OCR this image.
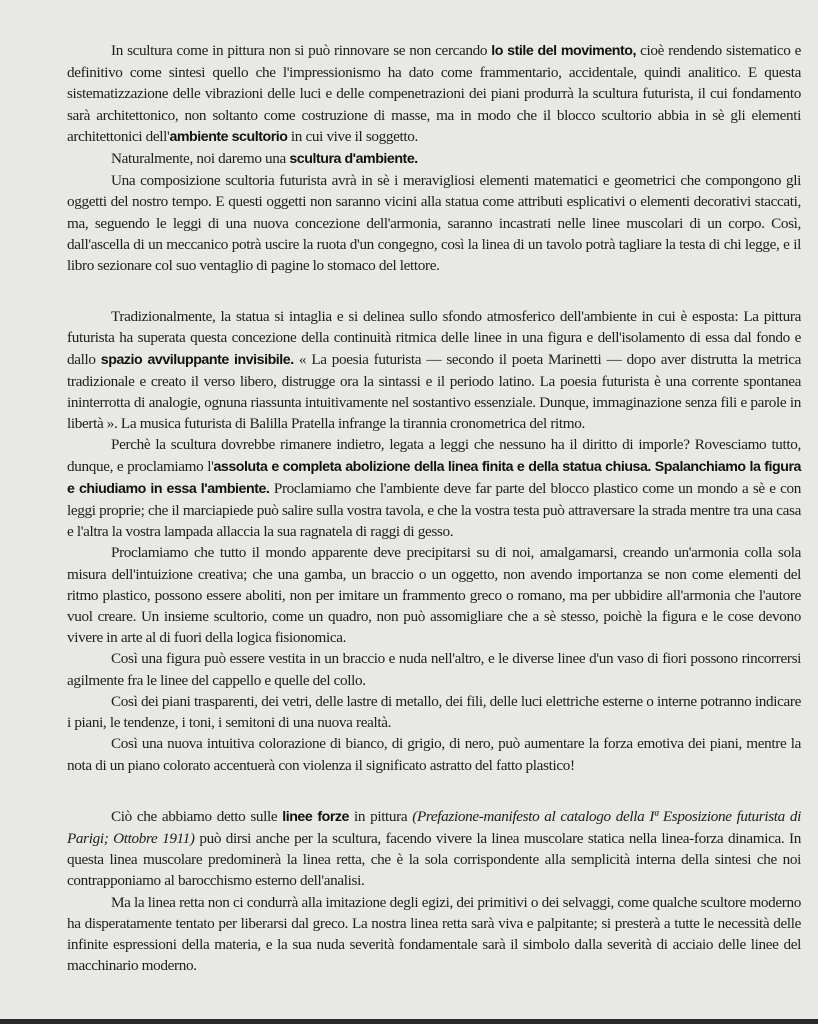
In scultura come in pittura non si può rinnovare se non cercando lo stile del movimento, cioè rendendo sistematico e definitivo come sintesi quello che l'impressionismo ha dato come frammentario, accidentale, quindi analitico. E questa sistematizzazione delle vibrazioni delle luci e delle compenetrazioni dei piani produrrà la scultura futurista, il cui fondamento sarà architettonico, non soltanto come costruzione di masse, ma in modo che il blocco scultorio abbia in sè gli elementi architettonici dell'ambiente scultorio in cui vive il soggetto.

Naturalmente, noi daremo una scultura d'ambiente.

Una composizione scultoria futurista avrà in sè i meravigliosi elementi matematici e geometrici che compongono gli oggetti del nostro tempo. E questi oggetti non saranno vicini alla statua come attributi esplicativi o elementi decorativi staccati, ma, seguendo le leggi di una nuova concezione dell'armonia, saranno incastrati nelle linee muscolari di un corpo. Così, dall'ascella di un meccanico potrà uscire la ruota d'un congegno, così la linea di un tavolo potrà tagliare la testa di chi legge, e il libro sezionare col suo ventaglio di pagine lo stomaco del lettore.

Tradizionalmente, la statua si intaglia e si delinea sullo sfondo atmosferico dell'ambiente in cui è esposta: La pittura futurista ha superata questa concezione della continuità ritmica delle linee in una figura e dell'isolamento di essa dal fondo e dallo spazio avviluppante invisibile. « La poesia futurista — secondo il poeta Marinetti — dopo aver distrutta la metrica tradizionale e creato il verso libero, distrugge ora la sintassi e il periodo latino. La poesia futurista è una corrente spontanea ininterrotta di analogie, ognuna riassunta intuitivamente nel sostantivo essenziale. Dunque, immaginazione senza fili e parole in libertà ». La musica futurista di Balilla Pratella infrange la tirannia cronometrica del ritmo.

Perchè la scultura dovrebbe rimanere indietro, legata a leggi che nessuno ha il diritto di imporle? Rovesciamo tutto, dunque, e proclamiamo l'assoluta e completa abolizione della linea finita e della statua chiusa. Spalanchiamo la figura e chiudiamo in essa l'ambiente. Proclamiamo che l'ambiente deve far parte del blocco plastico come un mondo a sè e con leggi proprie; che il marciapiede può salire sulla vostra tavola, e che la vostra testa può attraversare la strada mentre tra una casa e l'altra la vostra lampada allaccia la sua ragnatela di raggi di gesso.

Proclamiamo che tutto il mondo apparente deve precipitarsi su di noi, amalgamarsi, creando un'armonia colla sola misura dell'intuizione creativa; che una gamba, un braccio o un oggetto, non avendo importanza se non come elementi del ritmo plastico, possono essere aboliti, non per imitare un frammento greco o romano, ma per ubbidire all'armonia che l'autore vuol creare. Un insieme scultorio, come un quadro, non può assomigliare che a sè stesso, poichè la figura e le cose devono vivere in arte al di fuori della logica fisionomica.

Così una figura può essere vestita in un braccio e nuda nell'altro, e le diverse linee d'un vaso di fiori possono rincorrersi agilmente fra le linee del cappello e quelle del collo.

Così dei piani trasparenti, dei vetri, delle lastre di metallo, dei fili, delle luci elettriche esterne o interne potranno indicare i piani, le tendenze, i toni, i semitoni di una nuova realtà.

Così una nuova intuitiva colorazione di bianco, di grigio, di nero, può aumentare la forza emotiva dei piani, mentre la nota di un piano colorato accentuerà con violenza il significato astratto del fatto plastico!

Ciò che abbiamo detto sulle linee forze in pittura (Prefazione-manifesto al catalogo della Iª Esposizione futurista di Parigi; Ottobre 1911) può dirsi anche per la scultura, facendo vivere la linea muscolare statica nella linea-forza dinamica. In questa linea muscolare predominerà la linea retta, che è la sola corrispondente alla semplicità interna della sintesi che noi contrapponiamo al barocchismo esterno dell'analisi.

Ma la linea retta non ci condurrà alla imitazione degli egizi, dei primitivi o dei selvaggi, come qualche scultore moderno ha disperatamente tentato per liberarsi dal greco. La nostra linea retta sarà viva e palpitante; si presterà a tutte le necessità delle infinite espressioni della materia, e la sua nuda severità fondamentale sarà il simbolo dalla severità di acciaio delle linee del macchinario moderno.
